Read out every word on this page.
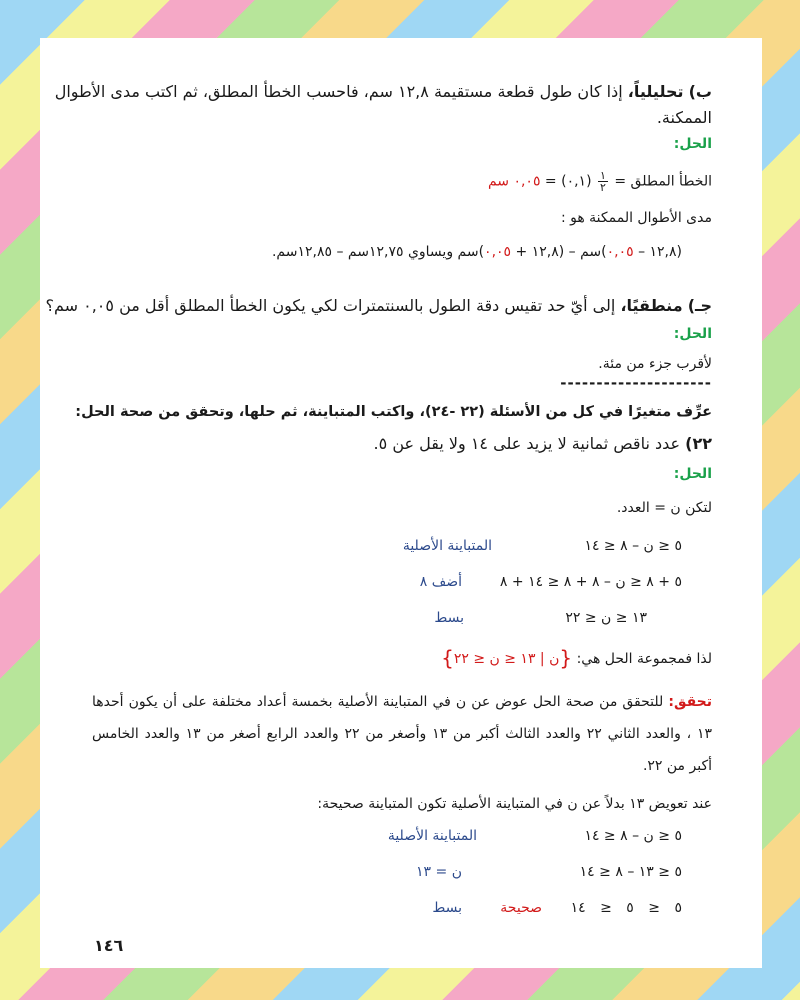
ب) تحليلياً، إذا كان طول قطعة مستقيمة ١٢,٨ سم، فاحسب الخطأ المطلق، ثم اكتب مدى الأطوال
الممكنة.
الحل:
الخطأ المطلق =
$\frac{١}{٢}$
(٠,١) = ٠,٠٥ سم
مدى الأطوال الممكنة هو :
(١٢,٨ – ٠,٠٥)سم – (١٢,٨ + ٠,٠٥)سم ويساوي ١٢,٧٥سم – ١٢,٨٥سم.
جـ) منطقيًا، إلى أيّ حد تقيس دقة الطول بالسنتمترات لكي يكون الخطأ المطلق أقل من ٠,٠٥ سم؟
الحل:
لأقرب جزء من مئة.
---------------------
عرِّف متغيرًا في كل من الأسئلة (٢٢ -٢٤)، واكتب المتباينة، ثم حلها، وتحقق من صحة الحل:
٢٢) عدد ناقص ثمانية لا يزيد على ١٤ ولا يقل عن ٥.
الحل:
لتكن ن = العدد.
٥ ≤ ن – ٨ ≤ ١٤
المتباينة الأصلية
٥ + ٨ ≤ ن – ٨ + ٨ ≤ ١٤ + ٨
أضف ٨
١٣ ≤ ن ≤ ٢٢
بسط
لذا فمجموعة الحل هي: {ن | ١٣ ≤ ن ≤ ٢٢}
تحقق: للتحقق من صحة الحل عوض عن ن في المتباينة الأصلية بخمسة أعداد مختلفة على أن يكون أحدها ١٣ ، والعدد الثاني ٢٢ والعدد الثالث أكبر من ١٣ وأصغر من ٢٢ والعدد الرابع أصغر من ١٣ والعدد الخامس أكبر من ٢٢.
عند تعويض ١٣ بدلاً عن ن في المتباينة الأصلية تكون المتباينة صحيحة:
٥ ≤ ن – ٨ ≤ ١٤
المتباينة الأصلية
٥ ≤ ١٣ – ٨ ≤ ١٤
ن = ١٣
٥ ≤ ٥ ≤ ١٤
صحيحة
بسط
١٤٦
